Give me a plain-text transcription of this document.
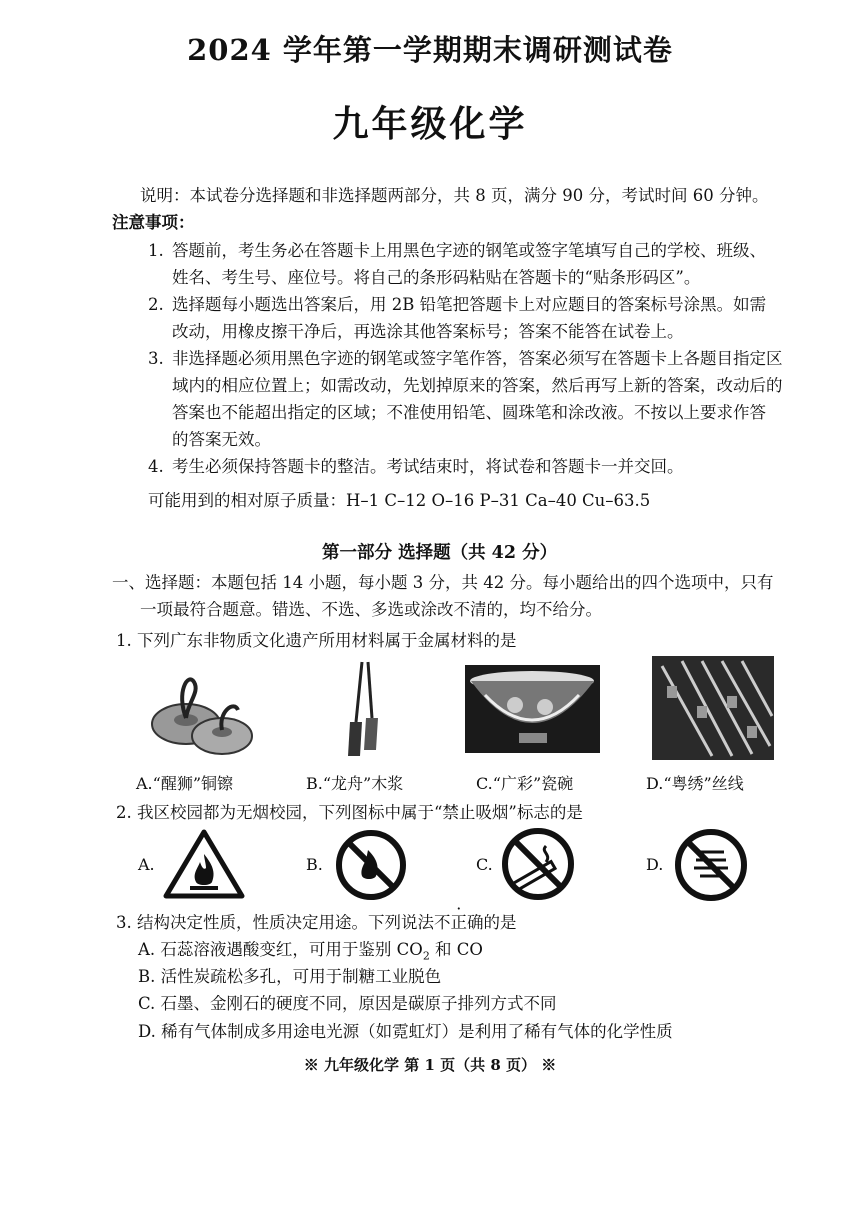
2024 学年第一学期期末调研测试卷
九年级化学
说明：本试卷分选择题和非选择题两部分，共 8 页，满分 90 分，考试时间 60 分钟。
注意事项：
1. 答题前，考生务必在答题卡上用黑色字迹的钢笔或签字笔填写自己的学校、班级、
姓名、考生号、座位号。将自己的条形码粘贴在答题卡的“贴条形码区”。
2. 选择题每小题选出答案后，用 2B 铅笔把答题卡上对应题目的答案标号涂黑。如需
改动，用橡皮擦干净后，再选涂其他答案标号；答案不能答在试卷上。
3. 非选择题必须用黑色字迹的钢笔或签字笔作答，答案必须写在答题卡上各题目指定区
域内的相应位置上；如需改动，先划掉原来的答案，然后再写上新的答案，改动后的
答案也不能超出指定的区域；不准使用铅笔、圆珠笔和涂改液。不按以上要求作答
的答案无效。
4. 考生必须保持答题卡的整洁。考试结束时，将试卷和答题卡一并交回。
可能用到的相对原子质量：H–1 C–12 O–16 P–31 Ca–40 Cu–63.5
第一部分 选择题（共 42 分）
一、选择题：本题包括 14 小题，每小题 3 分，共 42 分。每小题给出的四个选项中，只有
一项最符合题意。错选、不选、多选或涂改不清的，均不给分。
1. 下列广东非物质文化遗产所用材料属于金属材料的是
A.“醒狮”铜镲	B.“龙舟”木浆	C.“广彩”瓷碗	D.“粤绣”丝线
2. 我区校园都为无烟校园，下列图标中属于“禁止吸烟”标志的是
A.	B.	C.	D.
3. 结构决定性质，性质决定用途。下列说法不正确的是
A. 石蕊溶液遇酸变红，可用于鉴别 $CO_2$ 和 CO
B. 活性炭疏松多孔，可用于制糖工业脱色
C. 石墨、金刚石的硬度不同，原因是碳原子排列方式不同
D. 稀有气体制成多用途电光源（如霓虹灯）是利用了稀有气体的化学性质
※ 九年级化学 第 1 页（共 8 页） ※
